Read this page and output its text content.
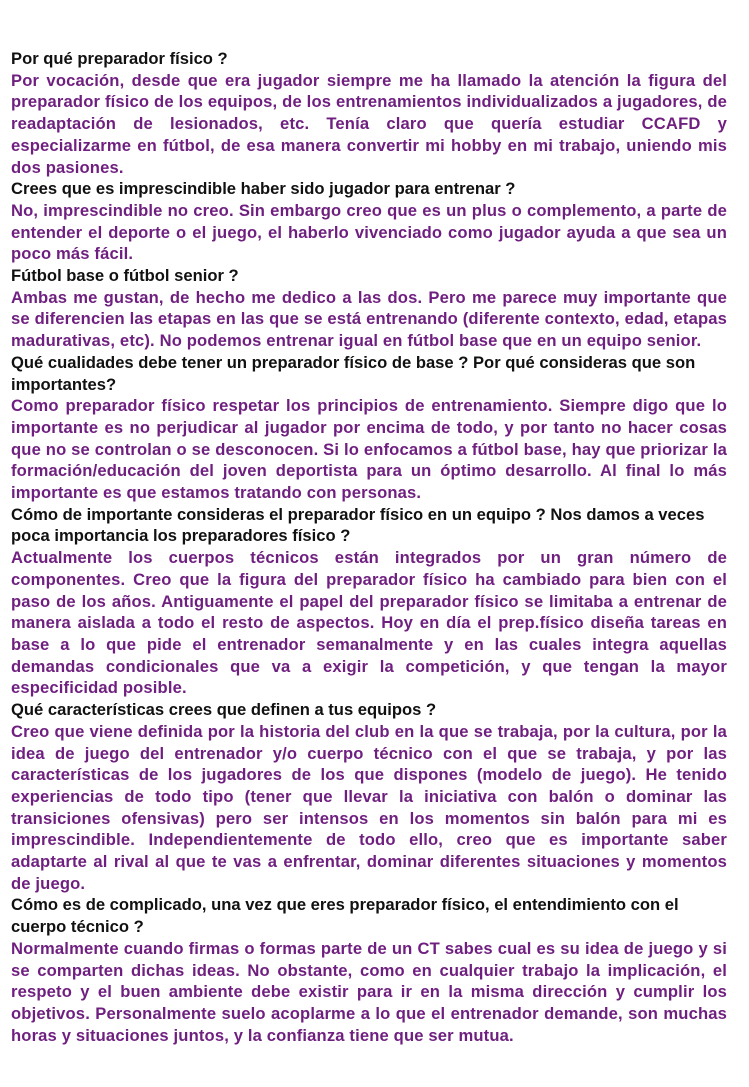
Por qué preparador físico ?

Por vocación, desde que era jugador siempre me ha llamado la atención la figura del preparador físico de los equipos, de los entrenamientos individualizados a jugadores, de readaptación de lesionados, etc. Tenía claro que quería estudiar CCAFD y especializarme en fútbol, de esa manera convertir mi hobby en mi trabajo, uniendo mis dos pasiones.

Crees que es imprescindible haber sido jugador para entrenar ?

No, imprescindible no creo. Sin embargo creo que es un plus o complemento, a parte de entender el deporte o el juego, el haberlo vivenciado como jugador ayuda a que sea un poco más fácil.

Fútbol base o fútbol senior ?

Ambas me gustan, de hecho me dedico a las dos. Pero me parece muy importante que se diferencien las etapas en las que se está entrenando (diferente contexto, edad, etapas madurativas, etc). No podemos entrenar igual en fútbol base que en un equipo senior.

Qué cualidades debe tener un preparador físico de base ? Por qué consideras que son importantes?

Como preparador físico respetar los principios de entrenamiento. Siempre digo que lo importante es no perjudicar al jugador por encima de todo, y por tanto no hacer cosas que no se controlan o se desconocen. Si lo enfocamos a fútbol base, hay que priorizar la formación/educación del joven deportista para un óptimo desarrollo. Al final lo más importante es que estamos tratando con personas.

Cómo de importante consideras el preparador físico en un equipo ? Nos damos a veces poca importancia los preparadores físico ?

Actualmente los cuerpos técnicos están integrados por un gran número de componentes. Creo que la figura del preparador físico ha cambiado para bien con el paso de los años. Antiguamente el papel del preparador físico se limitaba a entrenar de manera aislada a todo el resto de aspectos. Hoy en día el prep.físico diseña tareas en base a lo que pide el entrenador semanalmente y en las cuales integra aquellas demandas condicionales que va a exigir la competición, y que tengan la mayor especificidad posible.

Qué características crees que definen a tus equipos ?

Creo que viene definida por la historia del club en la que se trabaja, por la cultura, por la idea de juego del entrenador y/o cuerpo técnico con el que se trabaja, y por las características de los jugadores de los que dispones (modelo de juego). He tenido experiencias de todo tipo (tener que llevar la iniciativa con balón o dominar las transiciones ofensivas) pero ser intensos en los momentos sin balón para mi es imprescindible. Independientemente de todo ello, creo que es importante saber adaptarte al rival al que te vas a enfrentar, dominar diferentes situaciones y momentos de juego.

Cómo es de complicado, una vez que eres preparador físico, el entendimiento con el cuerpo técnico ?

Normalmente cuando firmas o formas parte de un CT sabes cual es su idea de juego y si se comparten dichas ideas. No obstante, como en cualquier trabajo la implicación, el respeto y el buen ambiente debe existir para ir en la misma dirección y cumplir los objetivos. Personalmente suelo acoplarme a lo que el entrenador demande, son muchas horas y situaciones juntos, y la confianza tiene que ser mutua.
